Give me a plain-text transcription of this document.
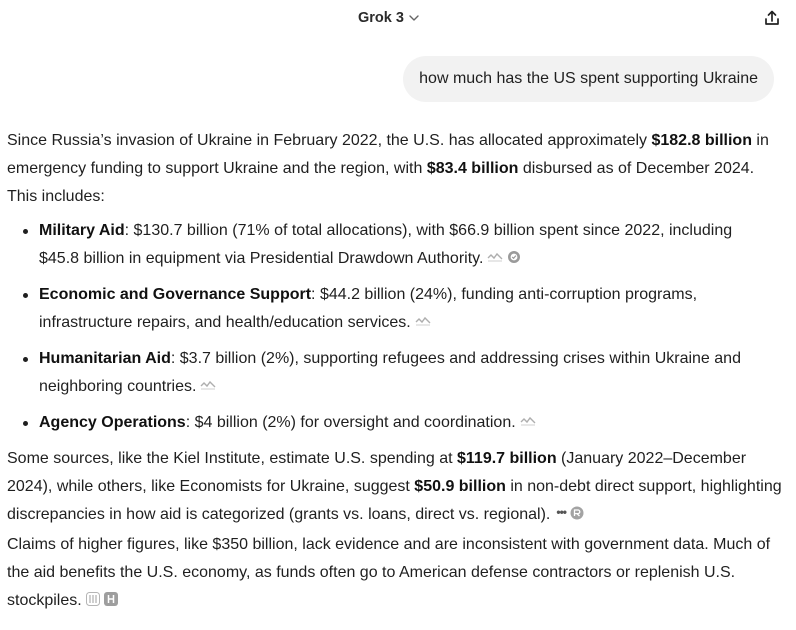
Grok 3
how much has the US spent supporting Ukraine

Since Russia’s invasion of Ukraine in February 2022, the U.S. has allocated approximately $182.8 billion in emergency funding to support Ukraine and the region, with $83.4 billion disbursed as of December 2024. This includes:

Military Aid: $130.7 billion (71% of total allocations), with $66.9 billion spent since 2022, including $45.8 billion in equipment via Presidential Drawdown Authority.
Economic and Governance Support: $44.2 billion (24%), funding anti-corruption programs, infrastructure repairs, and health/education services.
Humanitarian Aid: $3.7 billion (2%), supporting refugees and addressing crises within Ukraine and neighboring countries.
Agency Operations: $4 billion (2%) for oversight and coordination.

Some sources, like the Kiel Institute, estimate U.S. spending at $119.7 billion (January 2022–December 2024), while others, like Economists for Ukraine, suggest $50.9 billion in non-debt direct support, highlighting discrepancies in how aid is categorized (grants vs. loans, direct vs. regional). •••

Claims of higher figures, like $350 billion, lack evidence and are inconsistent with government data. Much of the aid benefits the U.S. economy, as funds often go to American defense contractors or replenish U.S. stockpiles.
